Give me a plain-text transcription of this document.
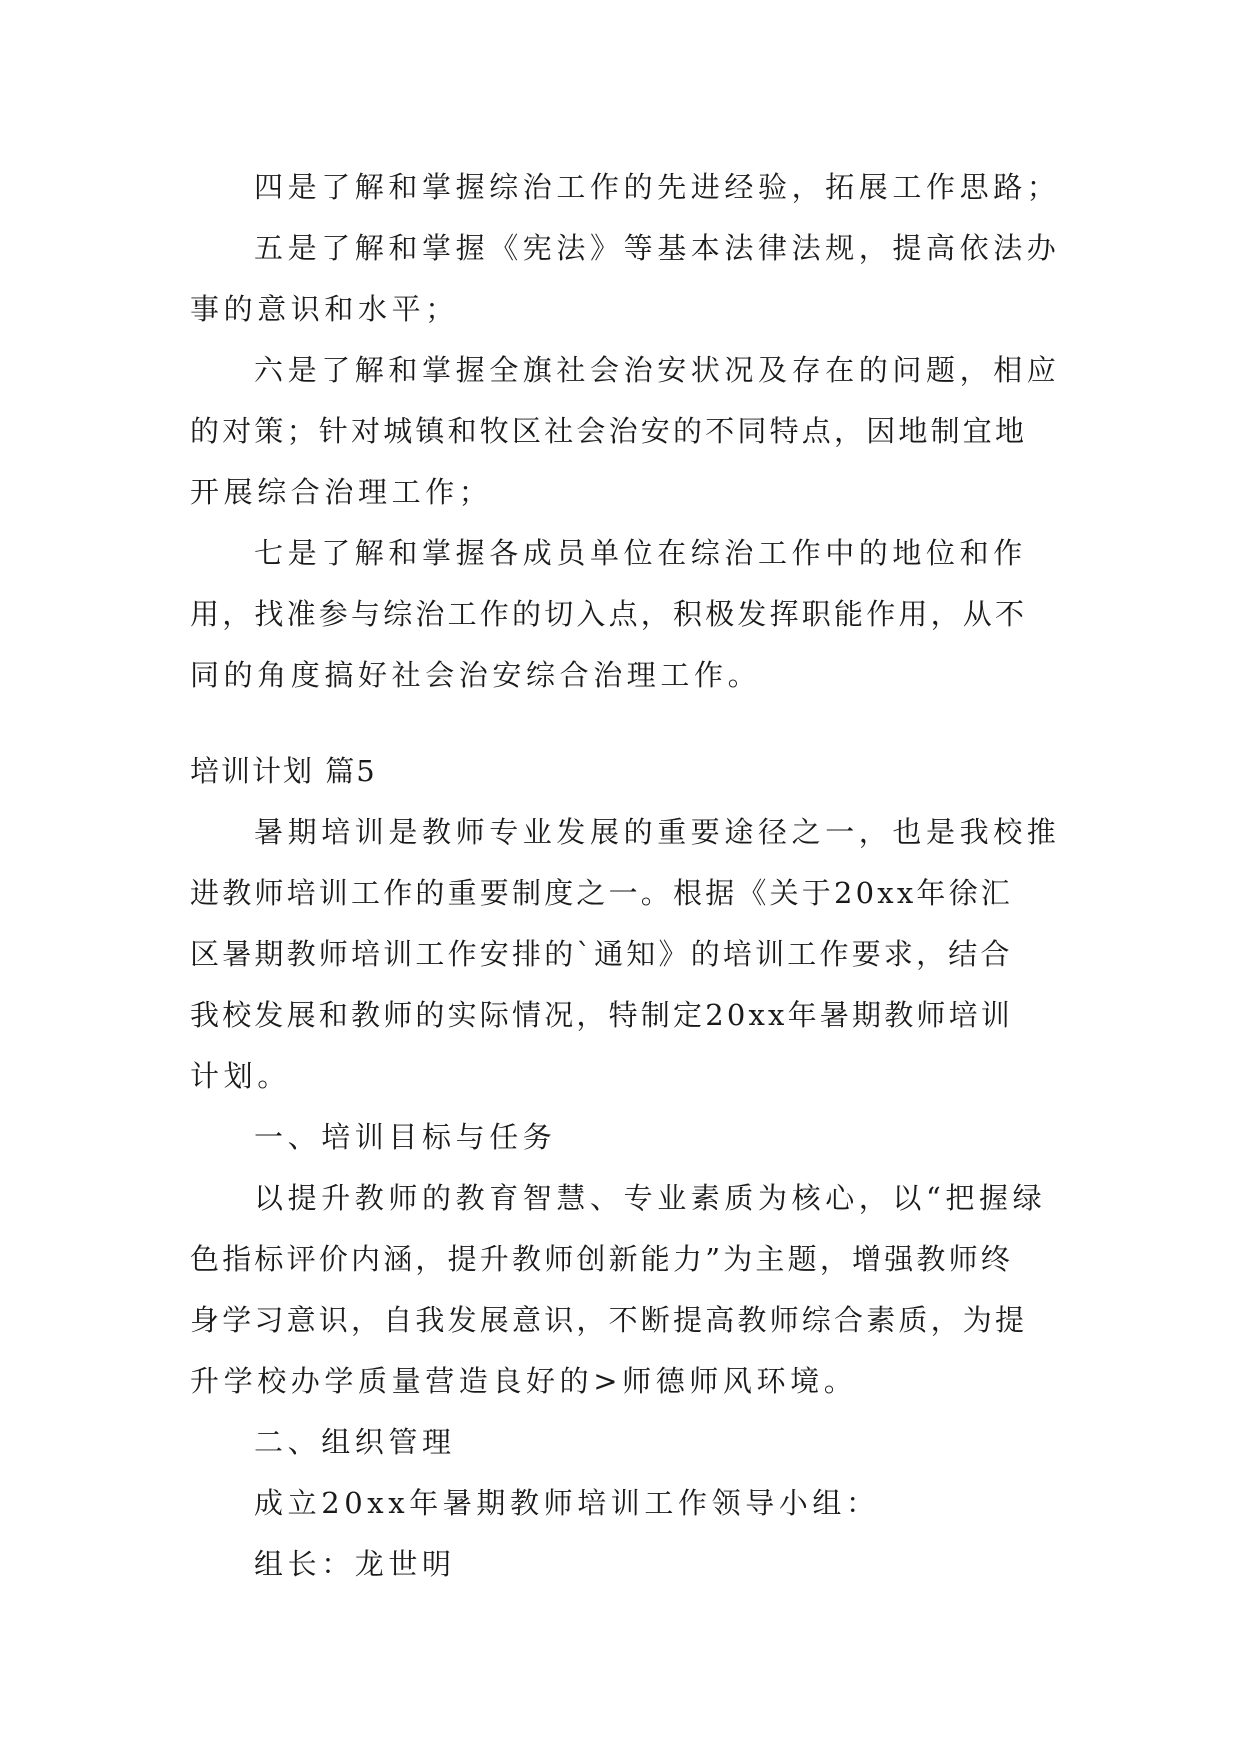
四是了解和掌握综治工作的先进经验，拓展工作思路；
五是了解和掌握《宪法》等基本法律法规，提高依法办
事的意识和水平；
六是了解和掌握全旗社会治安状况及存在的问题，相应
的对策；针对城镇和牧区社会治安的不同特点，因地制宜地
开展综合治理工作；
七是了解和掌握各成员单位在综治工作中的地位和作
用，找准参与综治工作的切入点，积极发挥职能作用，从不
同的角度搞好社会治安综合治理工作。
培训计划 篇5
暑期培训是教师专业发展的重要途径之一，也是我校推
进教师培训工作的重要制度之一。根据《关于20xx年徐汇
区暑期教师培训工作安排的`通知》的培训工作要求，结合
我校发展和教师的实际情况，特制定20xx年暑期教师培训
计划。
一、培训目标与任务
以提升教师的教育智慧、专业素质为核心，以“把握绿
色指标评价内涵，提升教师创新能力”为主题，增强教师终
身学习意识，自我发展意识，不断提高教师综合素质，为提
升学校办学质量营造良好的>师德师风环境。
二、组织管理
成立20xx年暑期教师培训工作领导小组：
组长：龙世明
